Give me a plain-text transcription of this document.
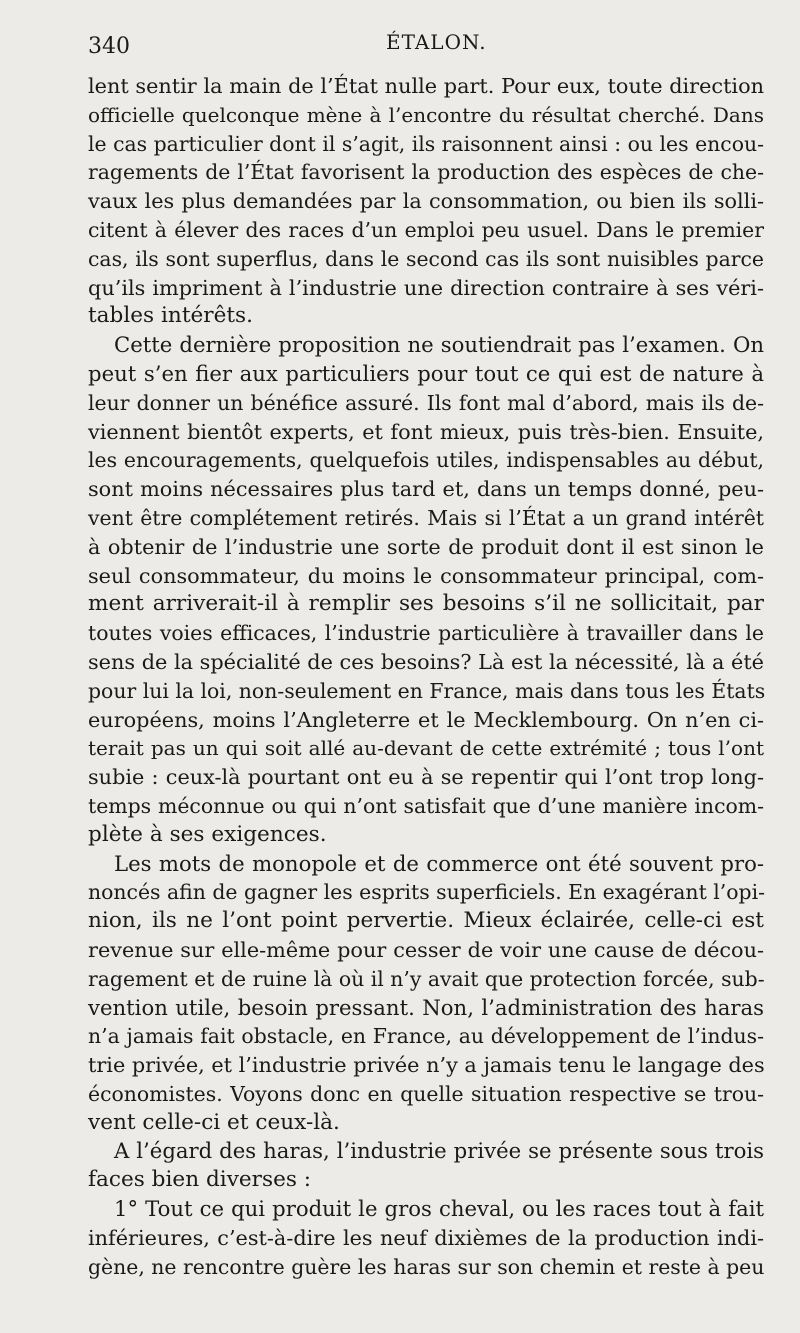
340	ÉTALON.
lent sentir la main de l’État nulle part. Pour eux, toute direction
officielle quelconque mène à l’encontre du résultat cherché. Dans
le cas particulier dont il s’agit, ils raisonnent ainsi : ou les encou-
ragements de l’État favorisent la production des espèces de che-
vaux les plus demandées par la consommation, ou bien ils solli-
citent à élever des races d’un emploi peu usuel. Dans le premier
cas, ils sont superflus, dans le second cas ils sont nuisibles parce
qu’ils impriment à l’industrie une direction contraire à ses véri-
tables intérêts.
Cette dernière proposition ne soutiendrait pas l’examen. On
peut s’en fier aux particuliers pour tout ce qui est de nature à
leur donner un bénéfice assuré. Ils font mal d’abord, mais ils de-
viennent bientôt experts, et font mieux, puis très-bien. Ensuite,
les encouragements, quelquefois utiles, indispensables au début,
sont moins nécessaires plus tard et, dans un temps donné, peu-
vent être complétement retirés. Mais si l’État a un grand intérêt
à obtenir de l’industrie une sorte de produit dont il est sinon le
seul consommateur, du moins le consommateur principal, com-
ment arriverait-il à remplir ses besoins s’il ne sollicitait, par
toutes voies efficaces, l’industrie particulière à travailler dans le
sens de la spécialité de ces besoins? Là est la nécessité, là a été
pour lui la loi, non-seulement en France, mais dans tous les États
européens, moins l’Angleterre et le Mecklembourg. On n’en ci-
terait pas un qui soit allé au-devant de cette extrémité ; tous l’ont
subie : ceux-là pourtant ont eu à se repentir qui l’ont trop long-
temps méconnue ou qui n’ont satisfait que d’une manière incom-
plète à ses exigences.
Les mots de monopole et de commerce ont été souvent pro-
noncés afin de gagner les esprits superficiels. En exagérant l’opi-
nion, ils ne l’ont point pervertie. Mieux éclairée, celle-ci est
revenue sur elle-même pour cesser de voir une cause de décou-
ragement et de ruine là où il n’y avait que protection forcée, sub-
vention utile, besoin pressant. Non, l’administration des haras
n’a jamais fait obstacle, en France, au développement de l’indus-
trie privée, et l’industrie privée n’y a jamais tenu le langage des
économistes. Voyons donc en quelle situation respective se trou-
vent celle-ci et ceux-là.
A l’égard des haras, l’industrie privée se présente sous trois
faces bien diverses :
1° Tout ce qui produit le gros cheval, ou les races tout à fait
inférieures, c’est-à-dire les neuf dixièmes de la production indi-
gène, ne rencontre guère les haras sur son chemin et reste à peu
